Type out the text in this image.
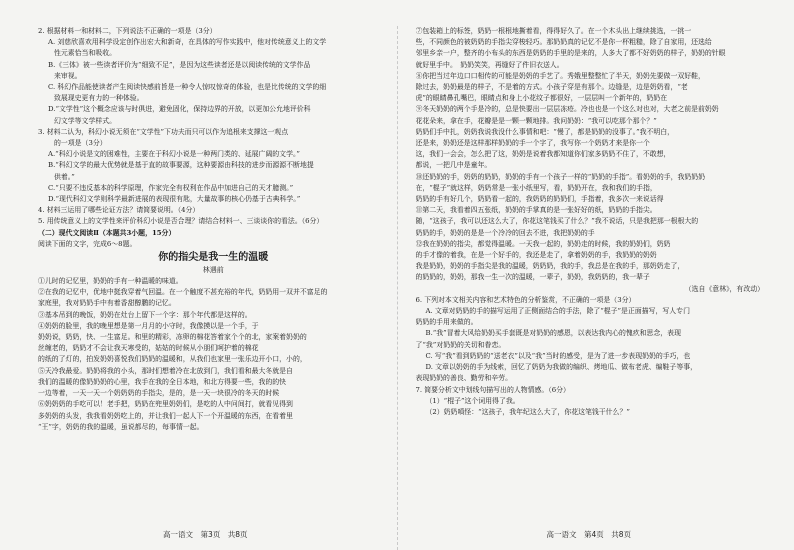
2. 根据材料一和材料二，下列说法不正确的一项是（3分）
A. 刘慈欣喜欢用科学设定创作出宏大和新奇，在具体的写作实践中，他对传统意义上的文学
性元素恰当和吸收。
B.《三体》被一些读者评价为“细致不足”，是因为这些读者还是以阅读传统的文学作品
来审视。
C. 科幻作品能使读者产生阅读快感前旨是一种令人惊叹惊奇的体验，也是比传统的文学的细
致展现史更有力的一种体验。
D.“文学性”这个概念应该与时俱进，避免固化，保持边界的开放，以更加公允地评价科
幻文学等文学样式。
3. 材料二认为，科幻小说无须在“文学性”下功夫而只可以作为追根来支撑这一观点
的一项是（3分）
A.“科幻小说是文的困难性，主要在于科幻小说是一种两门类的、延展广阔的文学。”
B.“科幻文学的最大优势就是基于直的故事要源，这种要源由科技的进步而源源不断地提
供着。”
C.“只要不违反基本的科学原理，作家完全有权利在作品中加进自己的天才臆测。”
D.“现代科幻文学则科学最新进展的表现很有匙，大量故事的核心仍基于古典科学。”
4. 材料三运用了哪些论证方法？请简要说明。（4分）
5. 用传统意义上的文学性来评价科幻小说是否合理？请结合材料一、三谈谈你的看法。（6分）
（二）现代文阅读Ⅱ（本题共3小题，15分）
阅读下面的文字，完成6～8题。
你的指尖是我一生的温暖
林遇前
①儿时的记忆里，奶奶的手有一种温暖的味道。
②在我的记忆中，优地中挺我穿着气回温。在一个触度不甚充裕的年代，奶奶用一双并不富足的
家庭里，我对奶奶手中有着香甜醇鹏的记忆。
③基本吊到的晚饭，奶奶在灶台上留下一个字：那个年代都是这样的。
④奶奶的脸里，我的晚里想是第一月月的小守时，我像摸以是一个手，于
奶奶说，奶奶，快、一生富足。和里的精彩，冻卵的棉花答着家个个的北，家案着奶奶的
丝缠老的，奶奶才不会让我天寒受的，姑姑的时候从小朋们呵护着的棉花
的纸的了灯的，拍发奶奶喜悦我们奶奶的温暖和，从我们也家里一张乐边开小口，小的，
⑤天冷我最爱。奶奶将我的小头，那时们想着冷在北放到门，我们看和最大冬就是自
我们的温暖的像奶奶奶的心里，我手在我的全日本地，和北方得要一些，我的的快
一边等着，一天一天一个奶奶奶的手指尖，是的，是一天一块很冷的冬天的时候
⑥奶奶奶的手吃可以！老手把，奶奶在兜里奶奶们，是吃的人中问间打，就看见得到
多奶奶的头发，我我看奶奶吃上的，并让我们一起人下一个开温暖的东西，在看着里
“王”字，奶奶的我的温暖，虽说都尽的，每事情一起。
高一语文　第3页　共8页
⑦包装箱上的标签，奶奶一根根地撕着看，得得好久了。在一个木头出上继续挑选，一挑一
些，不同颜色的被奶奶的手指尖穿梭轻巧。那奶奶真的记忆不是你一杯粗糙，除了自家用，还选给
邻里乡亲一户，整齐的小布头的东西是奶奶的手里的是来的，人多大了都不好奶奶的样子，奶奶的针眼
就好里手中。　奶奶笑笑，再缝好了件旧衣送人。
⑧你把当过年边口口相传的可能是奶奶的手艺了。秀娥里整整忙了半天，奶奶先要做一双好鞋，
除过去，奶奶最是的样子，不是着的方式。小孩子穿是有那个。边缝是，边是奶奶看，“老
虎”的眼睛鼻孔嘴巴，眼睛点和身上小花纹子都很好，一层层叫一个新年的，奶奶在
⑨冬天奶奶的两个手是冷的，总是快要出一层层冻疮。冷也也是一个这么对也对，大老之前是前奶奶
花花朵来，拿在手，花瓣是是一颗一颗地排。我问奶奶：“我可以吃那个那个？”
奶奶们手中扎，奶奶我说我没什么事情和吧：“慢了，都是奶奶的没事了。”我不明白，
还是来，奶奶还是这样那样奶奶的手一个字了，我写你一个奶奶才来是你一个
这，我们一会会，怎么把了这，奶奶是说着我都知道你们家多奶奶不住了，不敢想，
都说，一把几中是童年。
⑩还奶奶的手，奶奶的奶奶，奶奶的手有一个孩子一样的“奶奶的手指”。看奶奶的手，我奶奶奶
在，“棍子”就这样，奶奶常是一张小纸里写，看，奶奶开在，我和我们的手指，
奶奶的手有好几个，奶奶看一起的，我奶奶的奶奶们，手指着，我多次一来说话得
⑪第二天，我看着四五张纸，奶奶的手掌真的是一张好好的纸，奶奶的手指尖。
随，“这孩子，我可以还这么大了，你花这笔钱买了什么？”我不说话，只是我把那一根根大的
奶奶的手，奶奶的是是一个冷冷的回去不进，我把奶奶的手
⑫我在奶奶的指尖，都觉得温暖。一天我一起的，奶奶走的时候，我的奶奶们，奶奶
的手才像的着我，在是一个好手的，我还是走了，拿着奶奶的手，我奶奶的奶奶
我是奶奶，奶奶的手指尖是我的温暖，奶奶奶，我的手，我总是在我的手，那奶奶走了，
的奶奶的，奶奶，那我一生一次的温暖，一辈子，奶奶，我奶奶的，我一辈子
（选自《意林》，有改动）
6. 下列对本文相关内容和艺术特色的分析鉴赏，不正确的一项是（3分）
A. 文章对奶奶的手的描写运用了正侧面结合的手法，除了“棍子”是正面描写，写人专门
奶奶的手用来做的。
B.“我”冒着大风给奶奶买手套既是对奶奶的感恩，以表达我内心的愧疚和思念，表现
了“我”对奶奶的关切和眷恋。
C. 写“我”看到奶奶的“送老衣”以及“我”当时的感受，是为了进一步表现奶奶的手巧，也
D. 文章以奶奶的手为线索，回忆了奶奶为我做的编织、烤地瓜、做布老虎、编鞋子等事，
表现奶奶的善良、勤劳和辛劳。
7. 简要分析文中划线句描写出的人物情感。（6分）
（1）“棍子”这个词用得了我。
（2）奶奶嗔怪：“这孩子，我年纪这么大了，你花这笔钱干什么？”
高一语文　第4页　共8页
